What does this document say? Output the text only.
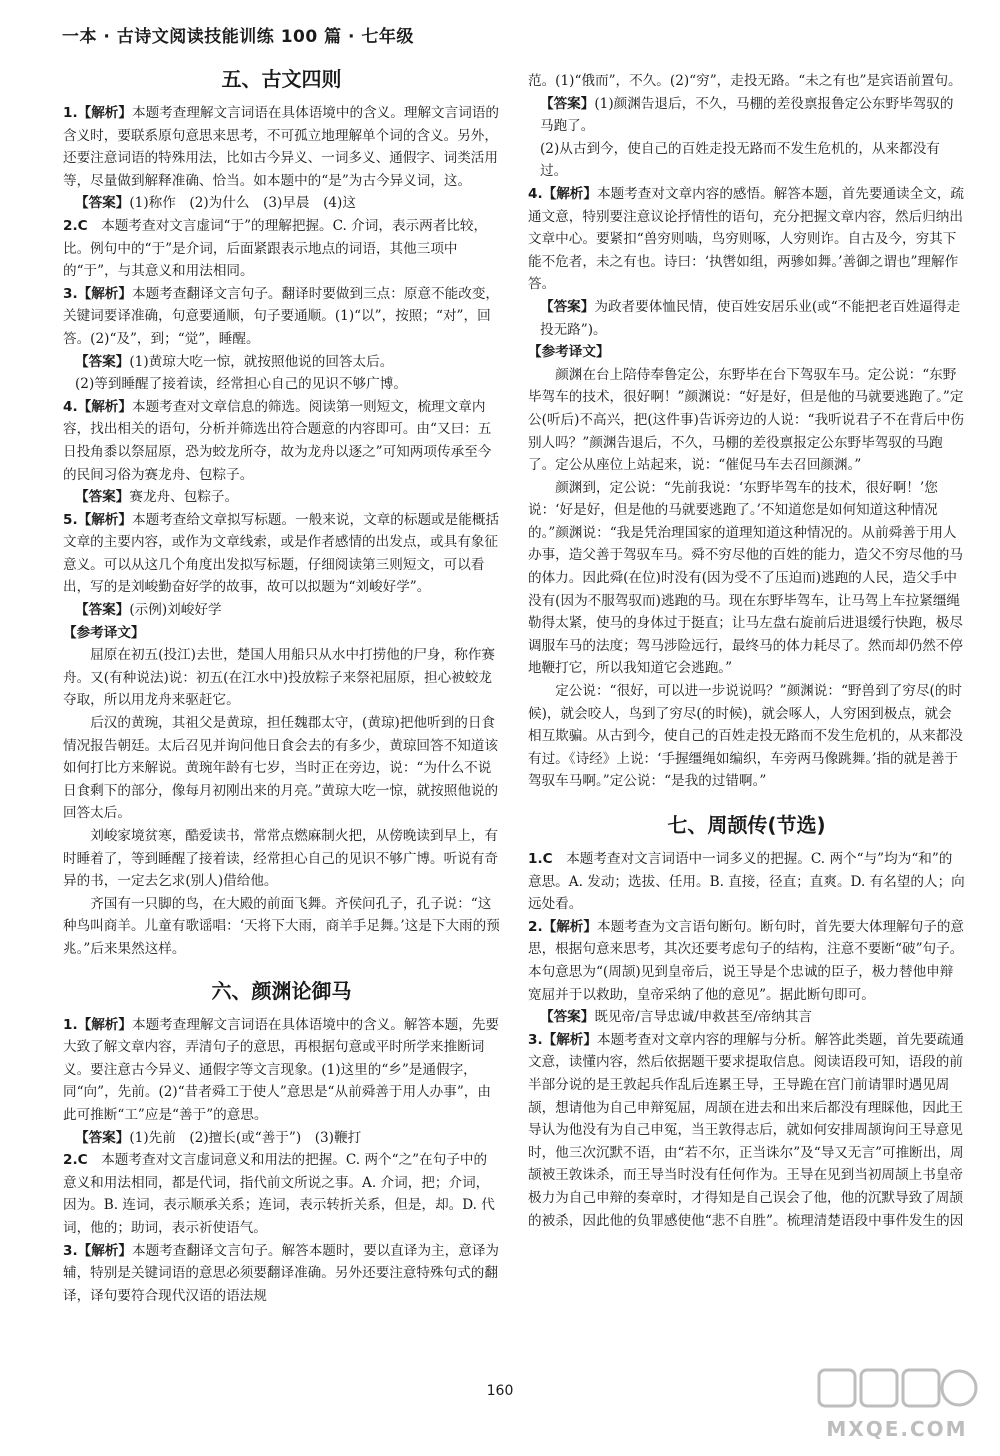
一本 · 古诗文阅读技能训练 100 篇 · 七年级
五、古文四则

1.【解析】本题考查理解文言词语在具体语境中的含义。理解文言词语的含义时，要联系原句意思来思考，不可孤立地理解单个词的含义。另外，还要注意词语的特殊用法，比如古今异义、一词多义、通假字、词类活用等，尽量做到解释准确、恰当。如本题中的“是”为古今异义词，这。

【答案】(1)称作　(2)为什么　(3)早晨　(4)这

2.C　 本题考查对文言虚词“于”的理解把握。C. 介词，表示两者比较，比。例句中的“于”是介词，后面紧跟表示地点的词语，其他三项中的“于”，与其意义和用法相同。

3.【解析】本题考查翻译文言句子。翻译时要做到三点：原意不能改变，关键词要译准确，句意要通顺，句子要通顺。(1)“以”，按照；“对”，回答。(2)“及”，到；“觉”，睡醒。

【答案】(1)黄琼大吃一惊，就按照他说的回答太后。

(2)等到睡醒了接着读，经常担心自己的见识不够广博。

4.【解析】本题考查对文章信息的筛选。阅读第一则短文，梳理文章内容，找出相关的语句，分析并筛选出符合题意的内容即可。由“又曰：五日投角黍以祭屈原，恐为蛟龙所夺，故为龙舟以逐之”可知两项传承至今的民间习俗为赛龙舟、包粽子。

【答案】赛龙舟、包粽子。

5.【解析】本题考查给文章拟写标题。一般来说，文章的标题或是能概括文章的主要内容，或作为文章线索，或是作者感情的出发点，或具有象征意义。可以从这几个角度出发拟写标题，仔细阅读第三则短文，可以看出，写的是刘峻勤奋好学的故事，故可以拟题为“刘峻好学”。

【答案】(示例)刘峻好学

【参考译文】

屈原在初五(投江)去世，楚国人用船只从水中打捞他的尸身，称作赛舟。又(有种说法)说：初五(在江水中)投放粽子来祭祀屈原，担心被蛟龙夺取，所以用龙舟来驱赶它。

后汉的黄琬，其祖父是黄琼，担任魏郡太守，(黄琼)把他听到的日食情况报告朝廷。太后召见并询问他日食会去的有多少，黄琼回答不知道该如何打比方来解说。黄琬年龄有七岁，当时正在旁边，说：“为什么不说日食剩下的部分，像每月初刚出来的月亮。”黄琼大吃一惊，就按照他说的回答太后。

刘峻家境贫寒，酷爱读书，常常点燃麻制火把，从傍晚读到早上，有时睡着了，等到睡醒了接着读，经常担心自己的见识不够广博。听说有奇异的书，一定去乞求(别人)借给他。

齐国有一只脚的鸟，在大殿的前面飞舞。齐侯问孔子，孔子说：“这种鸟叫商羊。儿童有歌谣唱：‘天将下大雨，商羊手足舞。’这是下大雨的预兆。”后来果然这样。

六、颜渊论御马

1.【解析】本题考查理解文言词语在具体语境中的含义。解答本题，先要大致了解文章内容，弄清句子的意思，再根据句意或平时所学来推断词义。要注意古今异义、通假字等文言现象。(1)这里的“乡”是通假字，同“向”，先前。(2)“昔者舜工于使人”意思是“从前舜善于用人办事”，由此可推断“工”应是“善于”的意思。

【答案】(1)先前　(2)擅长(或“善于”)　(3)鞭打

2.C　 本题考查对文言虚词意义和用法的把握。C. 两个“之”在句子中的意义和用法相同，都是代词，指代前文所说之事。A. 介词，把；介词，因为。B. 连词，表示顺承关系；连词，表示转折关系，但是，却。D. 代词，他的；助词，表示祈使语气。

3.【解析】本题考查翻译文言句子。解答本题时，要以直译为主，意译为辅，特别是关键词语的意思必须要翻译准确。另外还要注意特殊句式的翻译，译句要符合现代汉语的语法规

范。(1)“俄而”，不久。(2)“穷”，走投无路。“未之有也”是宾语前置句。

【答案】(1)颜渊告退后，不久，马棚的差役禀报鲁定公东野毕驾驭的马跑了。

(2)从古到今，使自己的百姓走投无路而不发生危机的，从来都没有过。

4.【解析】本题考查对文章内容的感悟。解答本题，首先要通读全文，疏通文意，特别要注意议论抒情性的语句，充分把握文章内容，然后归纳出文章中心。要紧扣“兽穷则啮，鸟穷则啄，人穷则诈。自古及今，穷其下能不危者，未之有也。诗曰：‘执辔如组，两骖如舞。’善御之谓也”理解作答。

【答案】为政者要体恤民情，使百姓安居乐业(或“不能把老百姓逼得走投无路”)。

【参考译文】

颜渊在台上陪侍奉鲁定公，东野毕在台下驾驭车马。定公说：“东野毕驾车的技术，很好啊！”颜渊说：“好是好，但是他的马就要逃跑了。”定公(听后)不高兴，把(这件事)告诉旁边的人说：“我听说君子不在背后中伤别人吗？”颜渊告退后，不久，马棚的差役禀报定公东野毕驾驭的马跑了。定公从座位上站起来，说：“催促马车去召回颜渊。”

颜渊到，定公说：“先前我说：‘东野毕驾车的技术，很好啊！’您说：‘好是好，但是他的马就要逃跑了。’不知道您是如何知道这种情况的。”颜渊说：“我是凭治理国家的道理知道这种情况的。从前舜善于用人办事，造父善于驾驭车马。舜不穷尽他的百姓的能力，造父不穷尽他的马的体力。因此舜(在位)时没有(因为受不了压迫而)逃跑的人民，造父手中没有(因为不服驾驭而)逃跑的马。现在东野毕驾车，让马驾上车拉紧缰绳勒得太紧，使马的身体过于挺直；让马左盘右旋前后进退缓行快跑，极尽调服车马的法度；驾马涉险远行，最终马的体力耗尽了。然而却仍然不停地鞭打它，所以我知道它会逃跑。”

定公说：“很好，可以进一步说说吗？”颜渊说：“野兽到了穷尽(的时候)，就会咬人，鸟到了穷尽(的时候)，就会啄人，人穷困到极点，就会相互欺骗。从古到今，使自己的百姓走投无路而不发生危机的，从来都没有过。《诗经》上说：‘手握缰绳如编织，车旁两马像跳舞。’指的就是善于驾驭车马啊。”定公说：“是我的过错啊。”

七、周颉传(节选)

1.C　 本题考查对文言词语中一词多义的把握。C. 两个“与”均为“和”的意思。A. 发动；选拔、任用。B. 直接，径直；直爽。D. 有名望的人；向远处看。

2.【解析】本题考查为文言语句断句。断句时，首先要大体理解句子的意思，根据句意来思考，其次还要考虑句子的结构，注意不要断“破”句子。本句意思为“(周颉)见到皇帝后，说王导是个忠诚的臣子，极力替他申辩宽屈并于以救助，皇帝采纳了他的意见”。据此断句即可。

【答案】既见帝/言导忠诚/申救甚至/帝纳其言

3.【解析】本题考查对文章内容的理解与分析。解答此类题，首先要疏通文意，读懂内容，然后依据题干要求提取信息。阅读语段可知，语段的前半部分说的是王敦起兵作乱后连累王导，王导跪在宫门前请罪时遇见周颉，想请他为自己申辩冤屈，周颉在进去和出来后都没有理睬他，因此王导认为他没有为自己申冤，当王敦得志后，就如何安排周颉询问王导意见时，他三次沉默不语，由“若不尔，正当诛尔”及“导又无言”可推断出，周颉被王敦诛杀，而王导当时没有任何作为。王导在见到当初周颉上书皇帝极力为自己申辩的奏章时，才得知是自己误会了他，他的沉默导致了周颉的被杀，因此他的负罪感使他“悲不自胜”。梳理清楚语段中事件发生的因

160
MXQE.COM
